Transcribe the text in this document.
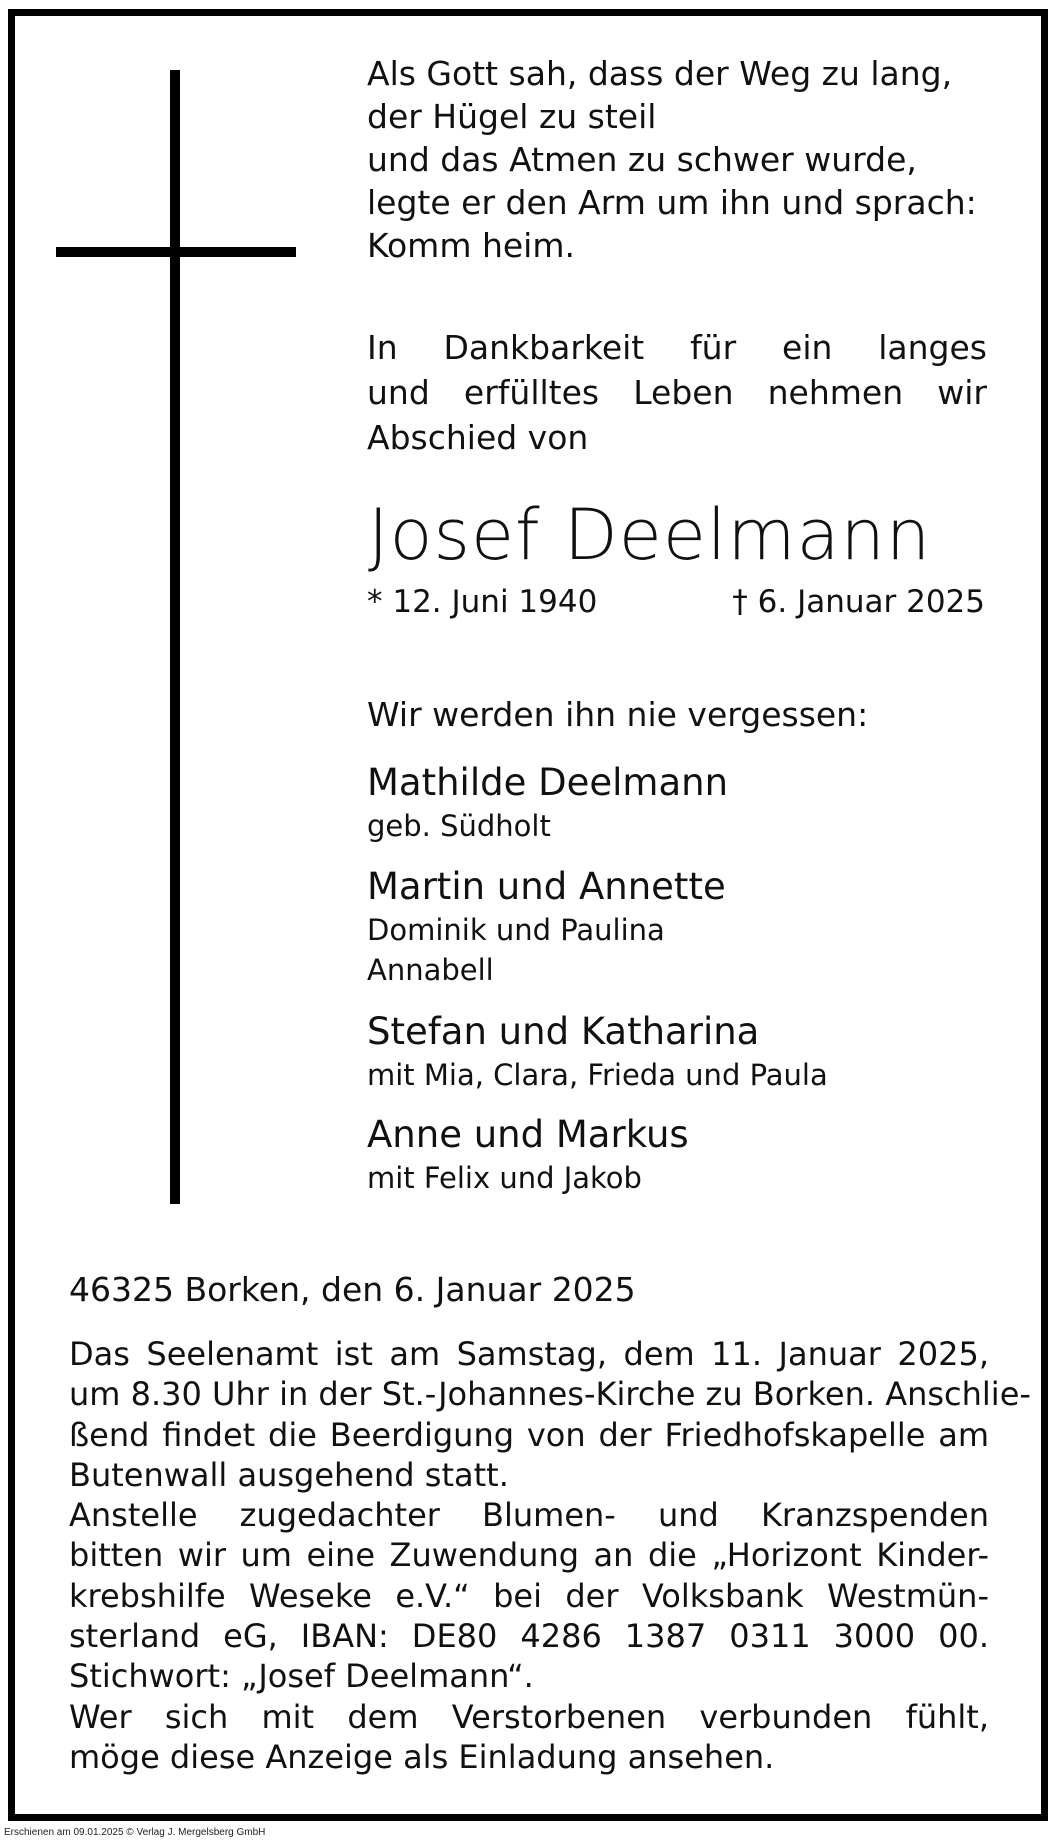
Als Gott sah, dass der Weg zu lang,
der Hügel zu steil
und das Atmen zu schwer wurde,
legte er den Arm um ihn und sprach:
Komm heim.
In Dankbarkeit für ein langes
und erfülltes Leben nehmen wir
Abschied von
Josef Deelmann
* 12. Juni 1940	† 6. Januar 2025
Wir werden ihn nie vergessen:
Mathilde Deelmann
geb. Südholt
Martin und Annette
Dominik und Paulina
Annabell
Stefan und Katharina
mit Mia, Clara, Frieda und Paula
Anne und Markus
mit Felix und Jakob
46325 Borken, den 6. Januar 2025
Das Seelenamt ist am Samstag, dem 11. Januar 2025,
um 8.30 Uhr in der St.-Johannes-Kirche zu Borken. Anschlie-
ßend findet die Beerdigung von der Friedhofskapelle am
Butenwall ausgehend statt.
Anstelle zugedachter Blumen- und Kranzspenden
bitten wir um eine Zuwendung an die „Horizont Kinder-
krebshilfe Weseke e.V.“ bei der Volksbank Westmün-
sterland eG, IBAN: DE80 4286 1387 0311 3000 00.
Stichwort: „Josef Deelmann“.
Wer sich mit dem Verstorbenen verbunden fühlt,
möge diese Anzeige als Einladung ansehen.
Erschienen am 09.01.2025 © Verlag J. Mergelsberg GmbH
